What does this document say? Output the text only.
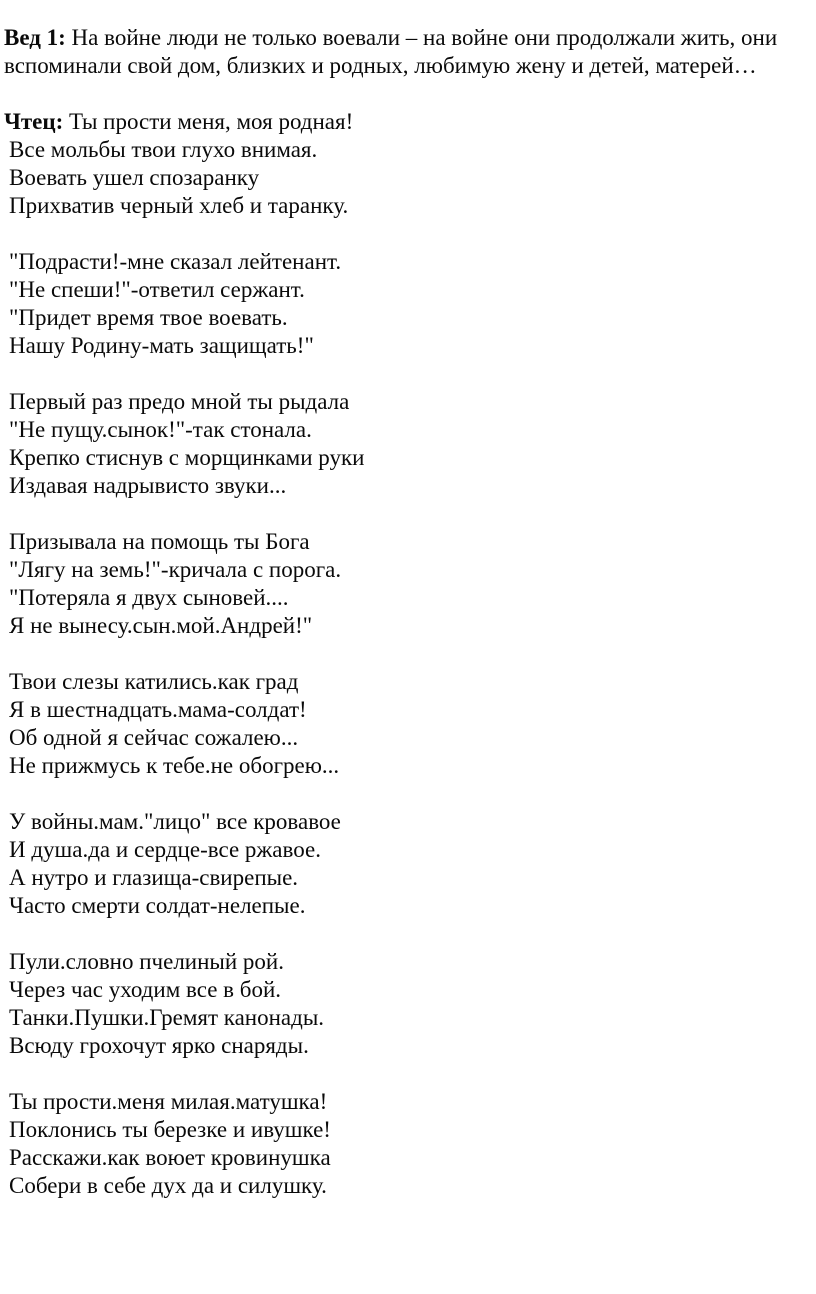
Вед 1: На войне люди не только воевали – на войне они продолжали жить, они вспоминали свой дом, близких и родных, любимую жену и детей, матерей…

Чтец: Ты прости меня, моя родная!

Все мольбы твои глухо внимая.

Воевать ушел спозаранку

Прихватив черный хлеб и таранку.

"Подрасти!-мне сказал лейтенант.

"Не спеши!"-ответил сержант.

"Придет время твое воевать.

Нашу Родину-мать защищать!"

Первый раз предо мной ты рыдала

"Не пущу.сынок!"-так стонала.

Крепко стиснув с морщинками руки

Издавая надрывисто звуки...

Призывала на помощь ты Бога

"Лягу на земь!"-кричала с порога.

"Потеряла я двух сыновей....

Я не вынесу.сын.мой.Андрей!"

Твои слезы катились.как град

Я в шестнадцать.мама-солдат!

Об одной я сейчас сожалею...

Не прижмусь к тебе.не обогрею...

У войны.мам."лицо" все кровавое

И душа.да и сердце-все ржавое.

А нутро и глазища-свирепые.

Часто смерти солдат-нелепые.

Пули.словно пчелиный рой.

Через час уходим все в бой.

Танки.Пушки.Гремят канонады.

Всюду грохочут ярко снаряды.

Ты прости.меня милая.матушка!

Поклонись ты березке и ивушке!

Расскажи.как воюет кровинушка

Собери в себе дух да и силушку.
